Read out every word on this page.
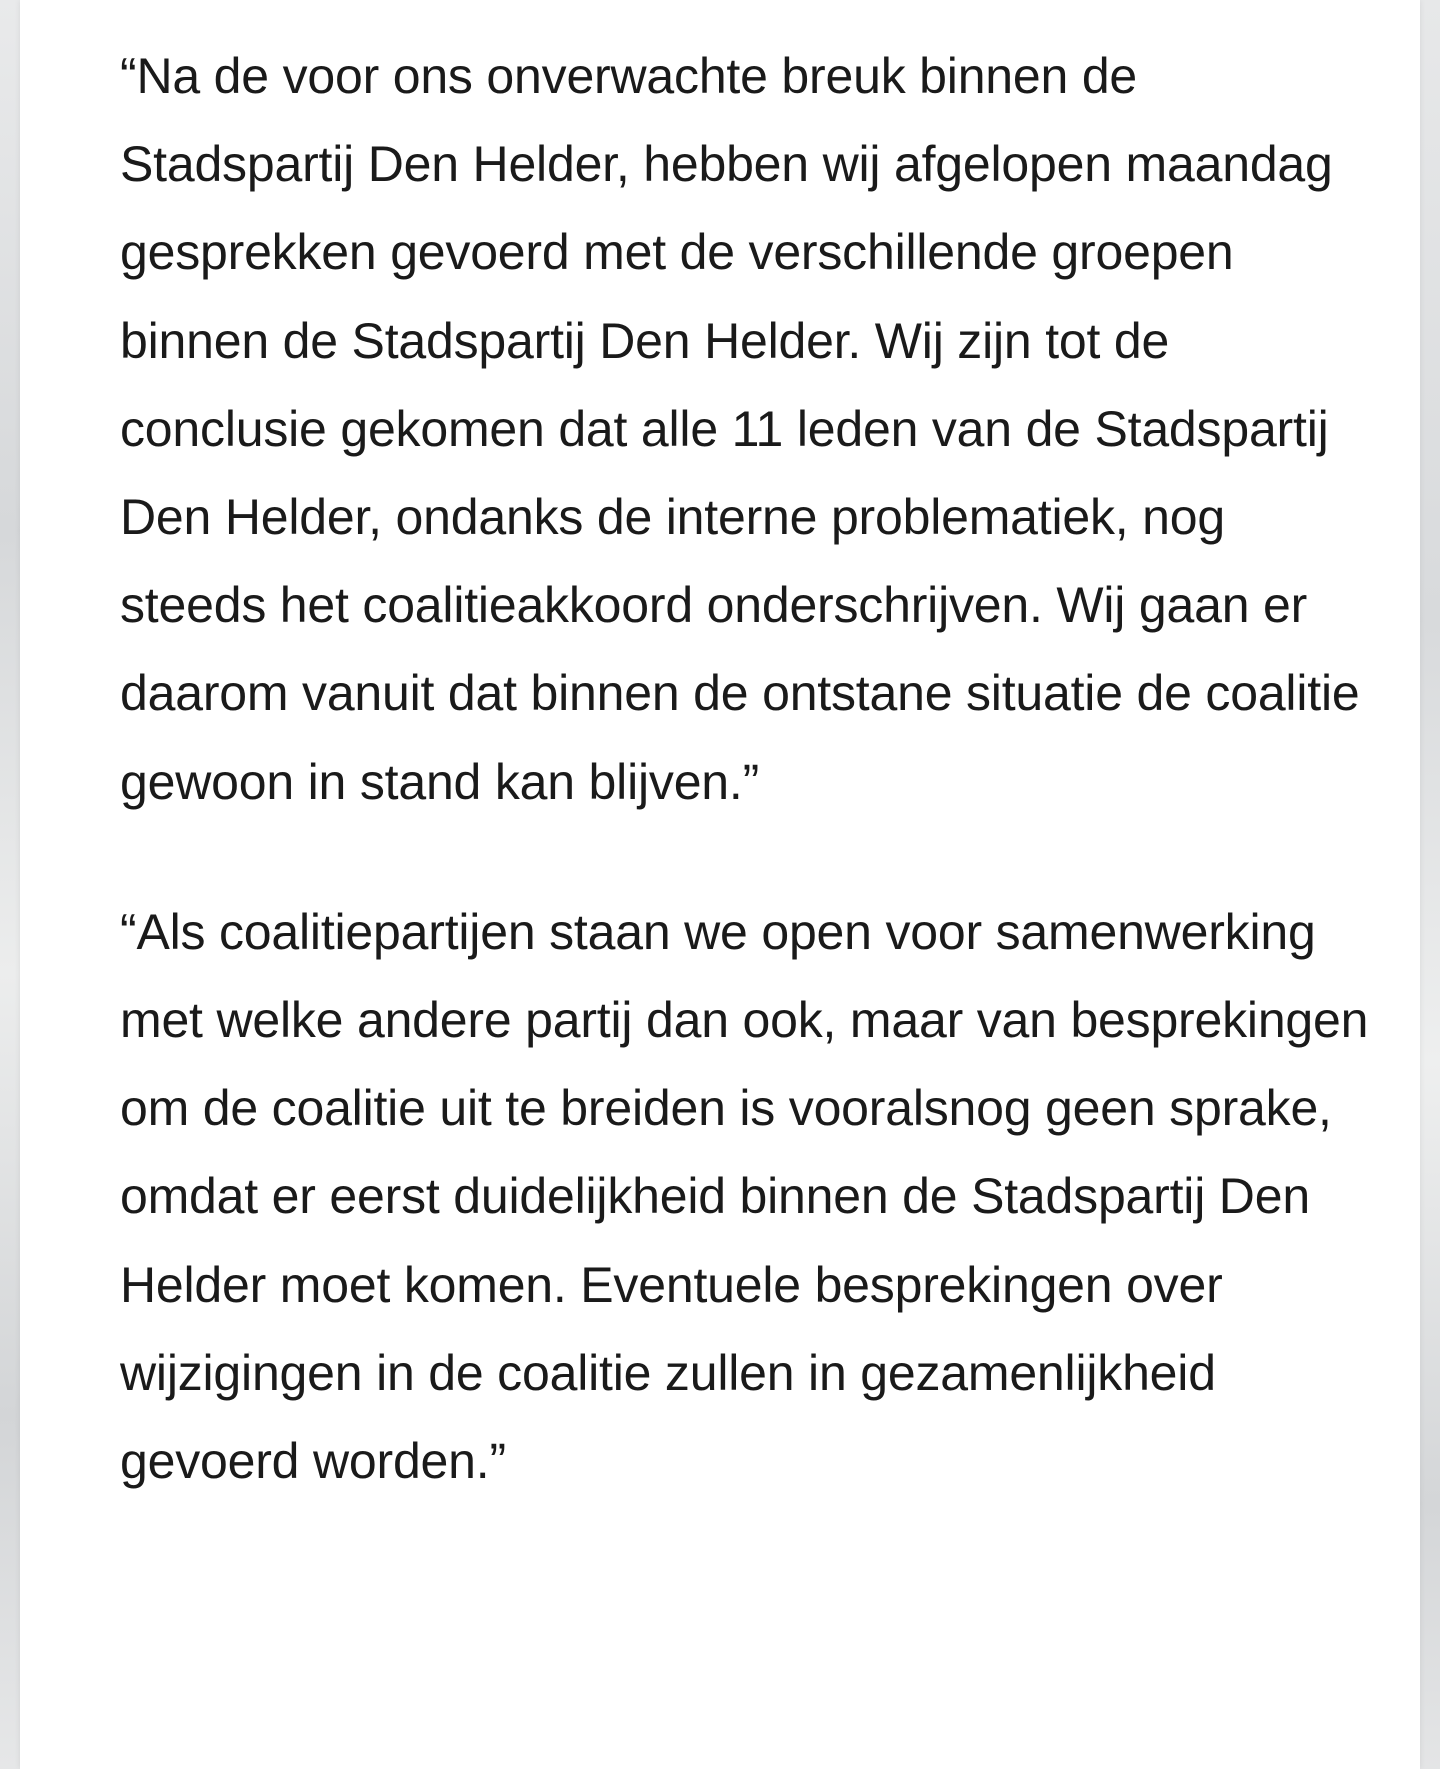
“Na de voor ons onverwachte breuk binnen de Stadspartij Den Helder, hebben wij afgelopen maandag gesprekken gevoerd met de verschillende groepen binnen de Stadspartij Den Helder. Wij zijn tot de conclusie gekomen dat alle 11 leden van de Stadspartij Den Helder, ondanks de interne problematiek, nog steeds het coalitieakkoord onderschrijven. Wij gaan er daarom vanuit dat binnen de ontstane situatie de coalitie gewoon in stand kan blijven.”

“Als coalitiepartijen staan we open voor samenwerking met welke andere partij dan ook, maar van besprekingen om de coalitie uit te breiden is vooralsnog geen sprake, omdat er eerst duidelijkheid binnen de Stadspartij Den Helder moet komen. Eventuele besprekingen over wijzigingen in de coalitie zullen in gezamenlijkheid gevoerd worden.”
